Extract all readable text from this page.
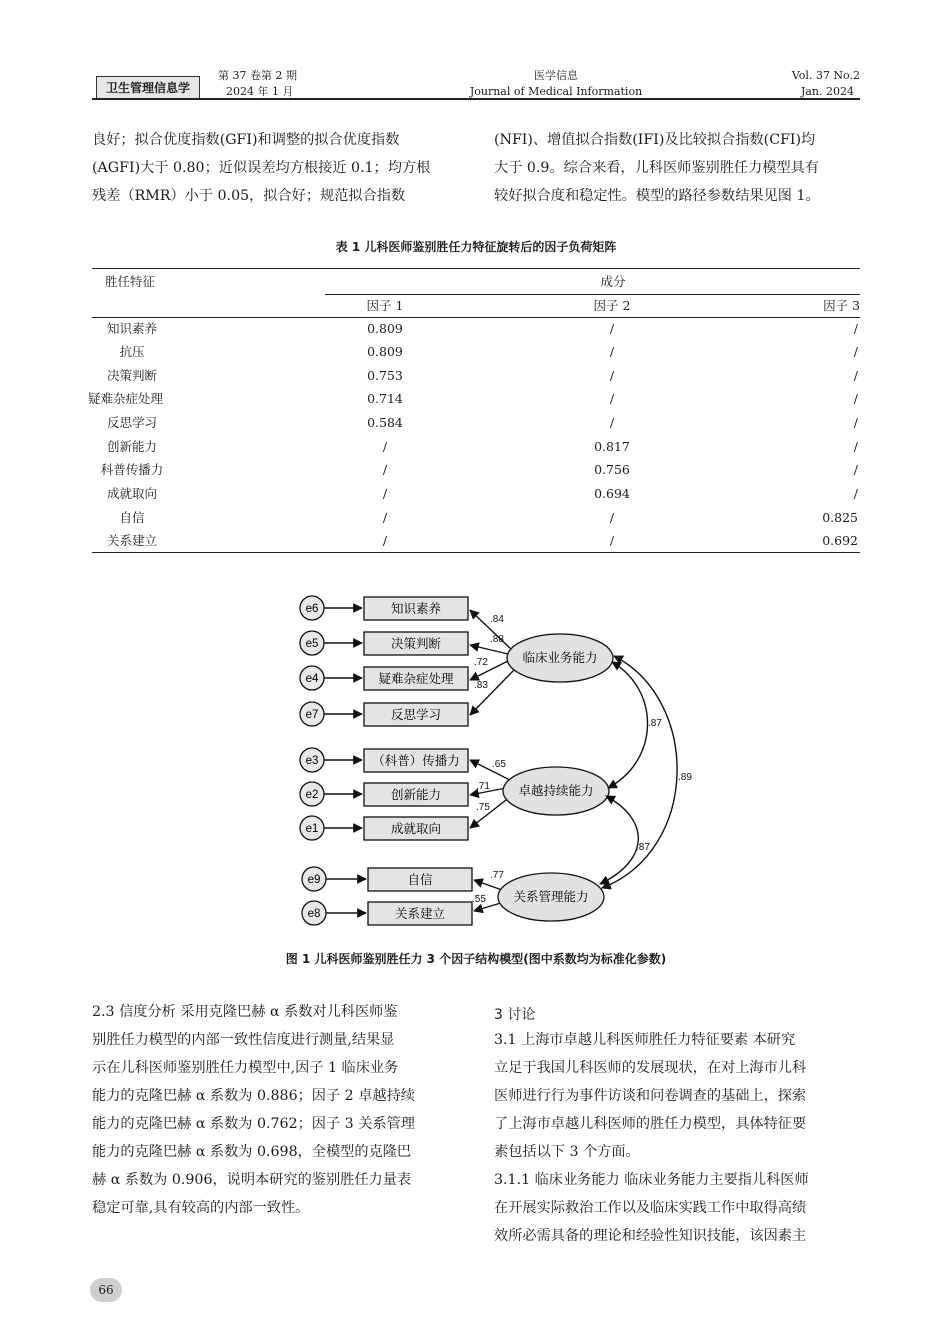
卫生管理信息学
第 37 卷第 2 期
2024 年 1 月
医学信息
Journal of Medical Information
Vol. 37 No.2
Jan. 2024

良好；拟合优度指数(GFI)和调整的拟合优度指数

(AGFI)大于 0.80；近似误差均方根接近 0.1；均方根

残差（RMR）小于 0.05，拟合好；规范拟合指数

(NFI)、增值拟合指数(IFI)及比较拟合指数(CFI)均

大于 0.9。综合来看，儿科医师鉴别胜任力模型具有

较好拟合度和稳定性。模型的路径参数结果见图 1。

表 1 儿科医师鉴别胜任力特征旋转后的因子负荷矩阵
胜任特征	成分
因子 1	因子 2	因子 3
知识素养	0.809	/	/
抗压	0.809	/	/
决策判断	0.753	/	/
疑难杂症处理	0.714	/	/
反思学习	0.584	/	/
创新能力	/	0.817	/
科普传播力	/	0.756	/
成就取向	/	0.694	/
自信	/	/	0.825
关系建立	/	/	0.692
e6
e5
e4
e7
e3
e2
e1
e9
e8
知识素养
决策判断
疑难杂症处理
反思学习
（科普）传播力
创新能力
成就取向
自信
关系建立
.84
.88
.72
.83
.65
.71
.75
.77
.55
临床业务能力
卓越持续能力
关系管理能力
.87
.89
.87
图 1 儿科医师鉴别胜任力 3 个因子结构模型(图中系数均为标准化参数)

2.3 信度分析 采用克隆巴赫 α 系数对儿科医师鉴

别胜任力模型的内部一致性信度进行测量,结果显

示在儿科医师鉴别胜任力模型中,因子 1 临床业务

能力的克隆巴赫 α 系数为 0.886；因子 2 卓越持续

能力的克隆巴赫 α 系数为 0.762；因子 3 关系管理

能力的克隆巴赫 α 系数为 0.698，全模型的克隆巴

赫 α 系数为 0.906，说明本研究的鉴别胜任力量表

稳定可靠,具有较高的内部一致性。

3 讨论

3.1 上海市卓越儿科医师胜任力特征要素 本研究

立足于我国儿科医师的发展现状，在对上海市儿科

医师进行行为事件访谈和问卷调查的基础上，探索

了上海市卓越儿科医师的胜任力模型，具体特征要

素包括以下 3 个方面。

3.1.1 临床业务能力 临床业务能力主要指儿科医师

在开展实际救治工作以及临床实践工作中取得高绩

效所必需具备的理论和经验性知识技能，该因素主

66
